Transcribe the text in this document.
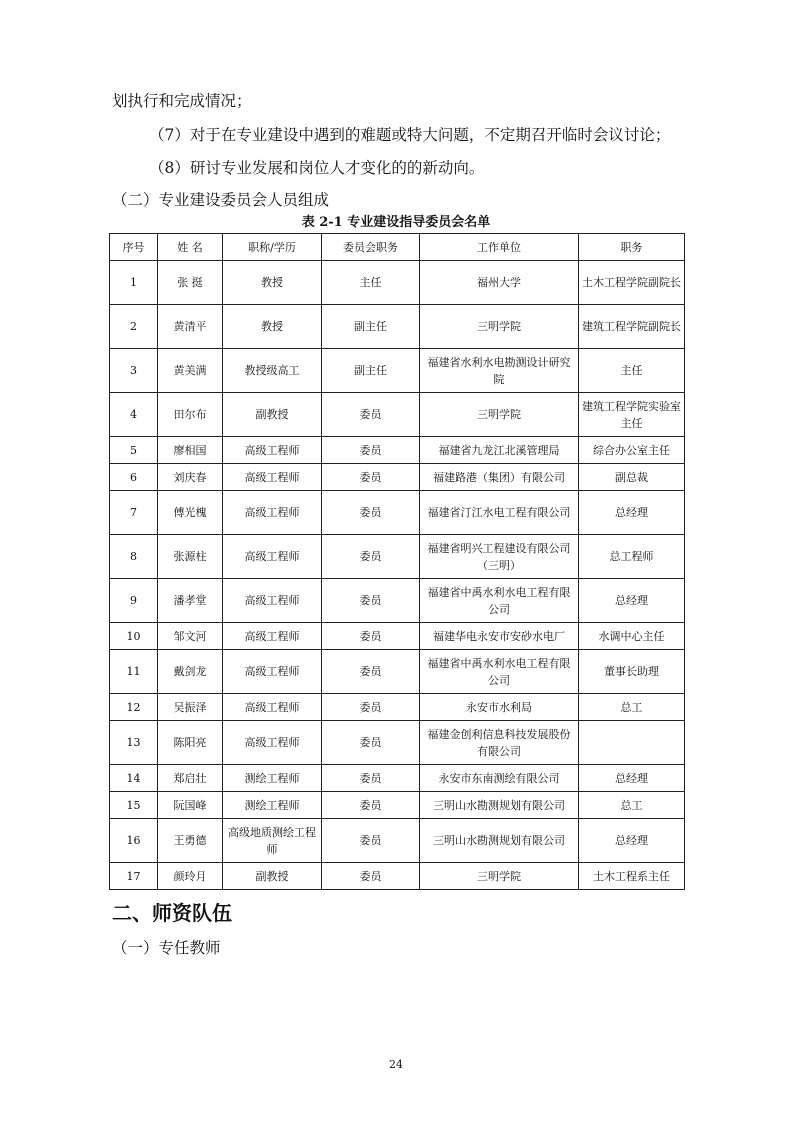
划执行和完成情况；
（7）对于在专业建设中遇到的难题或特大问题，不定期召开临时会议讨论；
（8）研讨专业发展和岗位人才变化的的新动向。
（二）专业建设委员会人员组成
表 2-1 专业建设指导委员会名单
序号	姓 名	职称/学历	委员会职务	工作单位	职务
1	张 挺	教授	主任	福州大学	土木工程学院副院长
2	黄清平	教授	副主任	三明学院	建筑工程学院副院长
3	黄美满	教授级高工	副主任	福建省水利水电勘测设计研究院	主任
4	田尔布	副教授	委员	三明学院	建筑工程学院实验室主任
5	廖相国	高级工程师	委员	福建省九龙江北溪管理局	综合办公室主任
6	刘庆春	高级工程师	委员	福建路港（集团）有限公司	副总裁
7	傅光槐	高级工程师	委员	福建省汀江水电工程有限公司	总经理
8	张源柱	高级工程师	委员	福建省明兴工程建设有限公司（三明）	总工程师
9	潘孝堂	高级工程师	委员	福建省中禹水利水电工程有限公司	总经理
10	邹文河	高级工程师	委员	福建华电永安市安砂水电厂	水调中心主任
11	戴剑龙	高级工程师	委员	福建省中禹水利水电工程有限公司	董事长助理
12	吴振泽	高级工程师	委员	永安市水利局	总工
13	陈阳亮	高级工程师	委员	福建金创利信息科技发展股份有限公司	
14	郑启壮	测绘工程师	委员	永安市东南测绘有限公司	总经理
15	阮国峰	测绘工程师	委员	三明山水勘测规划有限公司	总工
16	王勇德	高级地质测绘工程师	委员	三明山水勘测规划有限公司	总经理
17	颜玲月	副教授	委员	三明学院	土木工程系主任
二、师资队伍
（一）专任教师
24
